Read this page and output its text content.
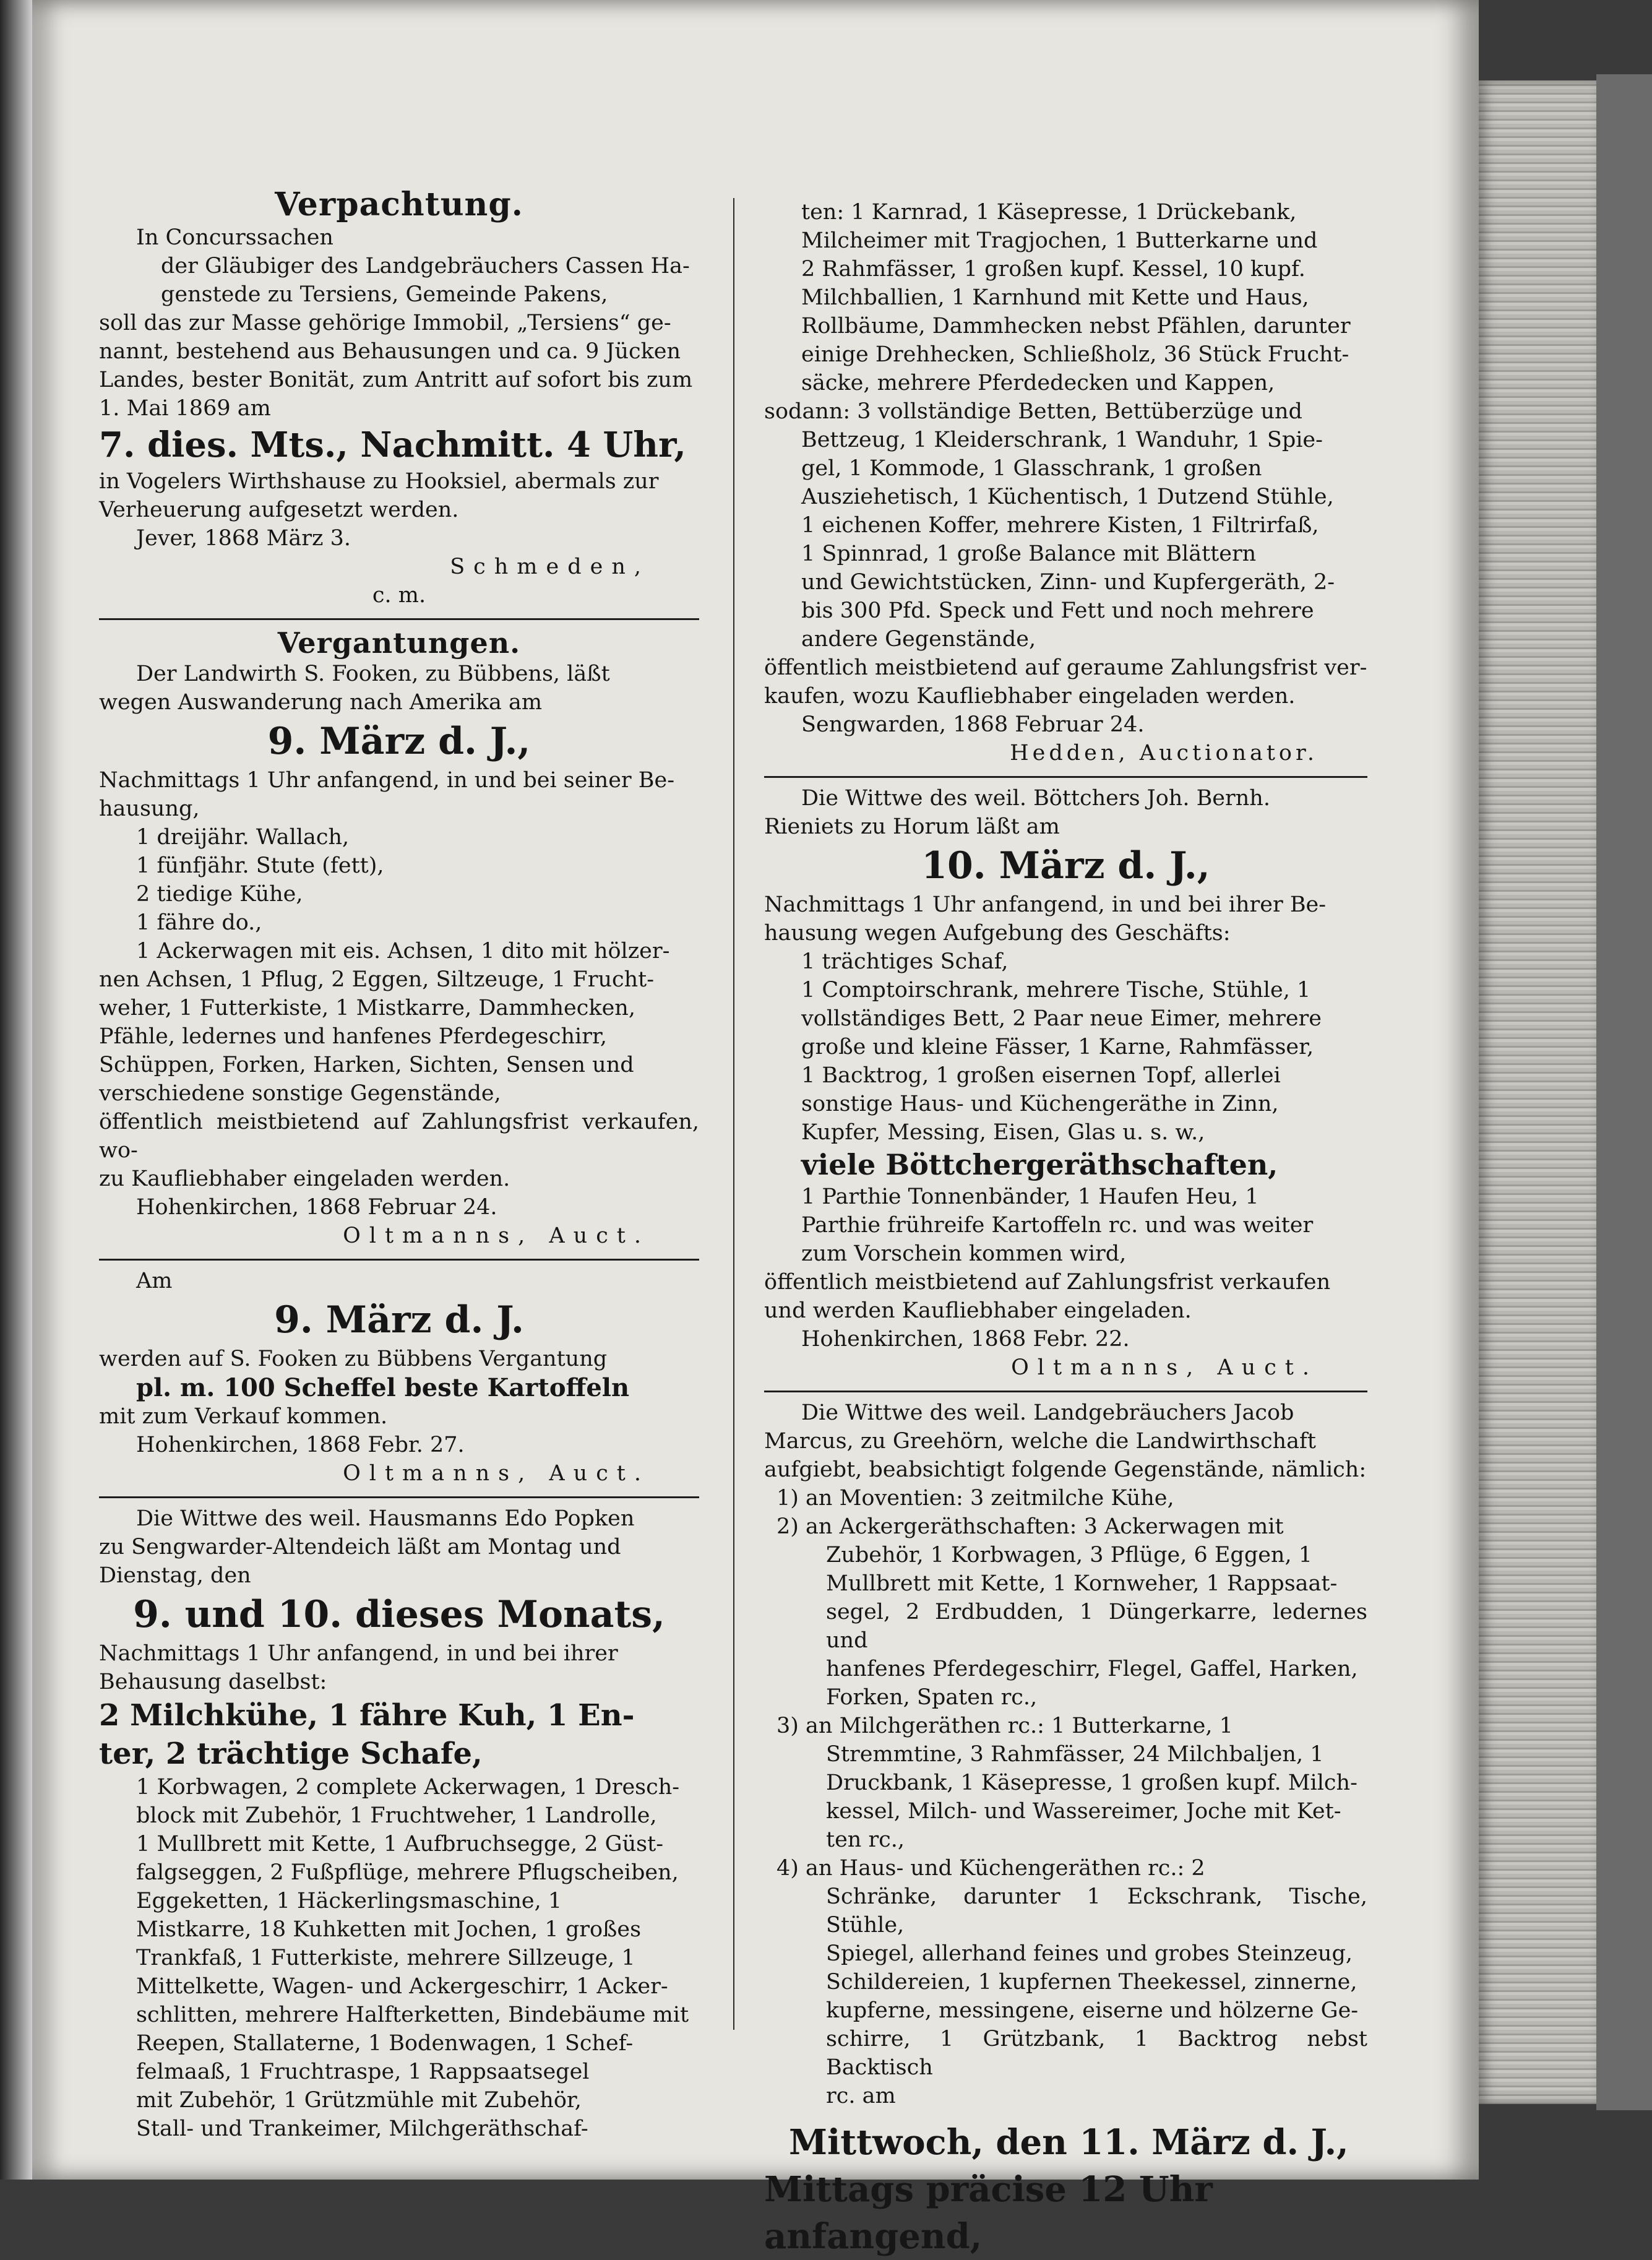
Verpachtung.

In Concurssachen

der Gläubiger des Landgebräuchers Cassen Ha-

genstede zu Tersiens, Gemeinde Pakens,

soll das zur Masse gehörige Immobil, „Tersiens“ ge-

nannt, bestehend aus Behausungen und ca. 9 Jücken

Landes, bester Bonität, zum Antritt auf sofort bis zum

1. Mai 1869 am

7. dies. Mts., Nachmitt. 4 Uhr,

in Vogelers Wirthshause zu Hooksiel, abermals zur

Verheuerung aufgesetzt werden.

Jever, 1868 März 3.

Schmeden,
c. m.
Vergantungen.

Der Landwirth S. Fooken, zu Bübbens, läßt

wegen Auswanderung nach Amerika am

9. März d. J.,

Nachmittags 1 Uhr anfangend, in und bei seiner Be-

hausung,

1 dreijähr. Wallach,

1 fünfjähr. Stute (fett),

2 tiedige Kühe,

1 fähre do.,

1 Ackerwagen mit eis. Achsen, 1 dito mit hölzer-

nen Achsen, 1 Pflug, 2 Eggen, Siltzeuge, 1 Frucht-

weher, 1 Futterkiste, 1 Mistkarre, Dammhecken,

Pfähle, ledernes und hanfenes Pferdegeschirr,

Schüppen, Forken, Harken, Sichten, Sensen und

verschiedene sonstige Gegenstände,

öffentlich meistbietend auf Zahlungsfrist verkaufen, wo-

zu Kaufliebhaber eingeladen werden.

Hohenkirchen, 1868 Februar 24.

Oltmanns, Auct.

Am

9. März d. J.

werden auf S. Fooken zu Bübbens Vergantung

pl. m. 100 Scheffel beste Kartoffeln

mit zum Verkauf kommen.

Hohenkirchen, 1868 Febr. 27.

Oltmanns, Auct.

Die Wittwe des weil. Hausmanns Edo Popken

zu Sengwarder-Altendeich läßt am Montag und

Dienstag, den

9. und 10. dieses Monats,

Nachmittags 1 Uhr anfangend, in und bei ihrer

Behausung daselbst:

2 Milchkühe, 1 fähre Kuh, 1 En-
ter, 2 trächtige Schafe,

1 Korbwagen, 2 complete Ackerwagen, 1 Dresch-

block mit Zubehör, 1 Fruchtweher, 1 Landrolle,

1 Mullbrett mit Kette, 1 Aufbruchsegge, 2 Güst-

falgseggen, 2 Fußpflüge, mehrere Pflugscheiben,

Eggeketten, 1 Häckerlingsmaschine, 1

Mistkarre, 18 Kuhketten mit Jochen, 1 großes

Trankfaß, 1 Futterkiste, mehrere Sillzeuge, 1

Mittelkette, Wagen- und Ackergeschirr, 1 Acker-

schlitten, mehrere Halfterketten, Bindebäume mit

Reepen, Stallaterne, 1 Bodenwagen, 1 Schef-

felmaaß, 1 Fruchtraspe, 1 Rappsaatsegel

mit Zubehör, 1 Grützmühle mit Zubehör,

Stall- und Trankeimer, Milchgeräthschaf-

ten: 1 Karnrad, 1 Käsepresse, 1 Drückebank,

Milcheimer mit Tragjochen, 1 Butterkarne und

2 Rahmfässer, 1 großen kupf. Kessel, 10 kupf.

Milchballien, 1 Karnhund mit Kette und Haus,

Rollbäume, Dammhecken nebst Pfählen, darunter

einige Drehhecken, Schließholz, 36 Stück Frucht-

säcke, mehrere Pferdedecken und Kappen,

sodann: 3 vollständige Betten, Bettüberzüge und

Bettzeug, 1 Kleiderschrank, 1 Wanduhr, 1 Spie-

gel, 1 Kommode, 1 Glasschrank, 1 großen

Ausziehetisch, 1 Küchentisch, 1 Dutzend Stühle,

1 eichenen Koffer, mehrere Kisten, 1 Filtrirfaß,

1 Spinnrad, 1 große Balance mit Blättern

und Gewichtstücken, Zinn- und Kupfergeräth, 2-

bis 300 Pfd. Speck und Fett und noch mehrere

andere Gegenstände,

öffentlich meistbietend auf geraume Zahlungsfrist ver-

kaufen, wozu Kaufliebhaber eingeladen werden.

Sengwarden, 1868 Februar 24.

Hedden, Auctionator.

Die Wittwe des weil. Böttchers Joh. Bernh.

Rieniets zu Horum läßt am

10. März d. J.,

Nachmittags 1 Uhr anfangend, in und bei ihrer Be-

hausung wegen Aufgebung des Geschäfts:

1 trächtiges Schaf,

1 Comptoirschrank, mehrere Tische, Stühle, 1

vollständiges Bett, 2 Paar neue Eimer, mehrere

große und kleine Fässer, 1 Karne, Rahmfässer,

1 Backtrog, 1 großen eisernen Topf, allerlei

sonstige Haus- und Küchengeräthe in Zinn,

Kupfer, Messing, Eisen, Glas u. s. w.,

viele Böttchergeräthschaften,

1 Parthie Tonnenbänder, 1 Haufen Heu, 1

Parthie frühreife Kartoffeln rc. und was weiter

zum Vorschein kommen wird,

öffentlich meistbietend auf Zahlungsfrist verkaufen

und werden Kaufliebhaber eingeladen.

Hohenkirchen, 1868 Febr. 22.

Oltmanns, Auct.

Die Wittwe des weil. Landgebräuchers Jacob

Marcus, zu Greehörn, welche die Landwirthschaft

aufgiebt, beabsichtigt folgende Gegenstände, nämlich:

1) an Moventien: 3 zeitmilche Kühe,

2) an Ackergeräthschaften: 3 Ackerwagen mit

Zubehör, 1 Korbwagen, 3 Pflüge, 6 Eggen, 1

Mullbrett mit Kette, 1 Kornweher, 1 Rappsaat-

segel, 2 Erdbudden, 1 Düngerkarre, ledernes und

hanfenes Pferdegeschirr, Flegel, Gaffel, Harken,

Forken, Spaten rc.,

3) an Milchgeräthen rc.: 1 Butterkarne, 1

Stremmtine, 3 Rahmfässer, 24 Milchbaljen, 1

Druckbank, 1 Käsepresse, 1 großen kupf. Milch-

kessel, Milch- und Wassereimer, Joche mit Ket-

ten rc.,

4) an Haus- und Küchengeräthen rc.: 2

Schränke, darunter 1 Eckschrank, Tische, Stühle,

Spiegel, allerhand feines und grobes Steinzeug,

Schildereien, 1 kupfernen Theekessel, zinnerne,

kupferne, messingene, eiserne und hölzerne Ge-

schirre, 1 Grützbank, 1 Backtrog nebst Backtisch

rc. am

Mittwoch, den 11. März d. J.,
Mittags präcise 12 Uhr anfangend,
